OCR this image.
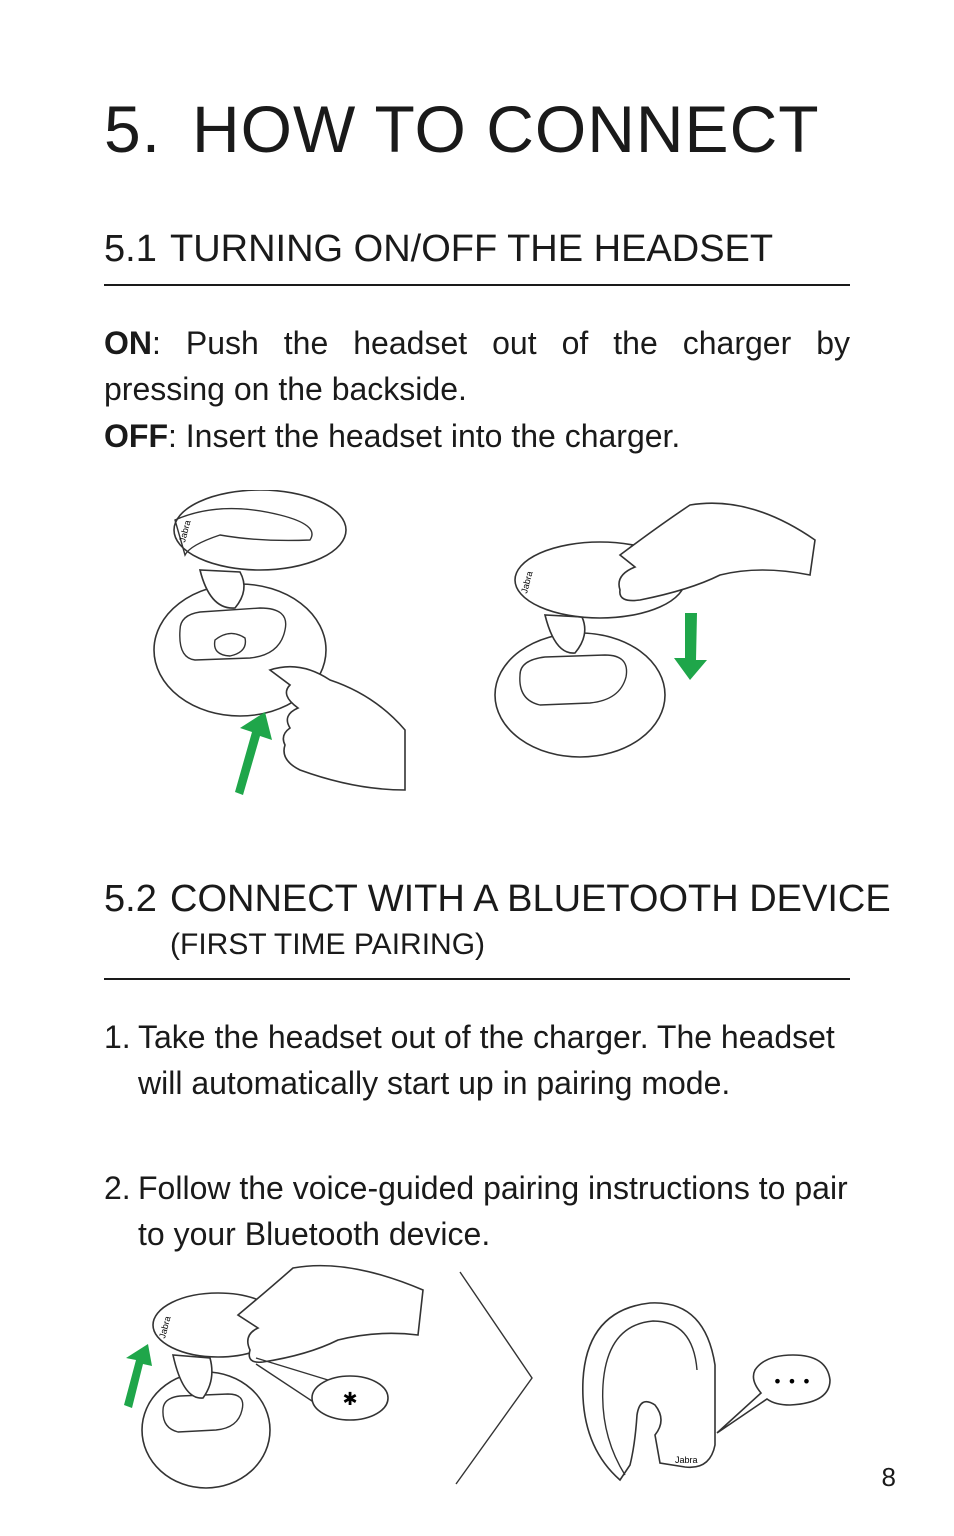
5. HOW TO CONNECT
5.1 TURNING ON/OFF THE HEADSET
ON: Push the headset out of the charger by pressing on the backside.
OFF: Insert the headset into the charger.
Jabra
Jabra
5.2 CONNECT WITH A BLUETOOTH DEVICE
(FIRST TIME PAIRING)
1. Take the headset out of the charger. The headset will automatically start up in pairing mode.
2. Follow the voice-guided pairing instructions to pair to your Bluetooth device.
Jabra
✱
Jabra
• • •
8
